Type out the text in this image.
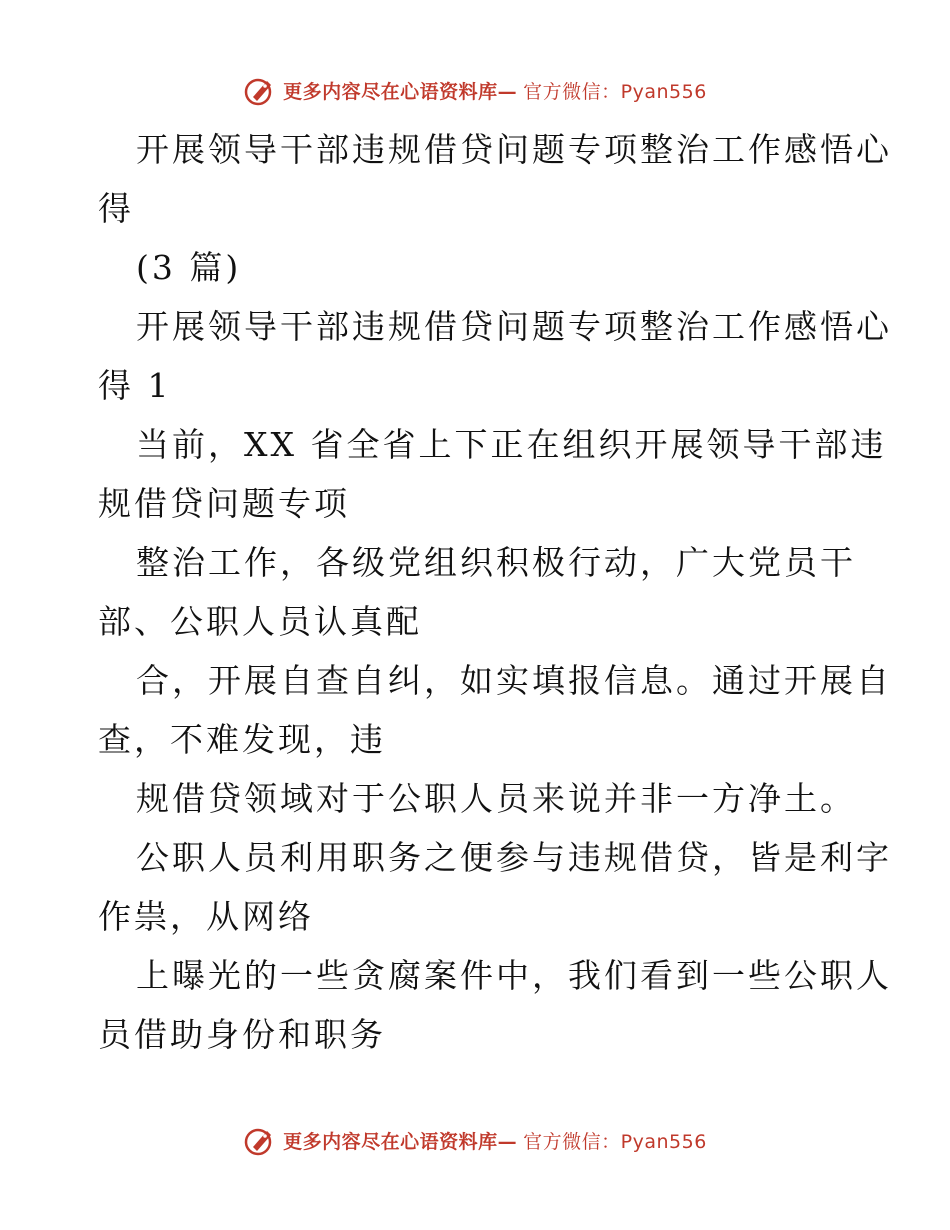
更多内容尽在心语资料库— 官方微信：Pyan556
开展领导干部违规借贷问题专项整治工作感悟心
得
(3 篇)
开展领导干部违规借贷问题专项整治工作感悟心
得 1
当前，XX 省全省上下正在组织开展领导干部违
规借贷问题专项
整治工作，各级党组织积极行动，广大党员干
部、公职人员认真配
合，开展自查自纠，如实填报信息。通过开展自
查，不难发现，违
规借贷领域对于公职人员来说并非一方净土。
公职人员利用职务之便参与违规借贷，皆是利字
作祟，从网络
上曝光的一些贪腐案件中，我们看到一些公职人
员借助身份和职务
更多内容尽在心语资料库— 官方微信：Pyan556
